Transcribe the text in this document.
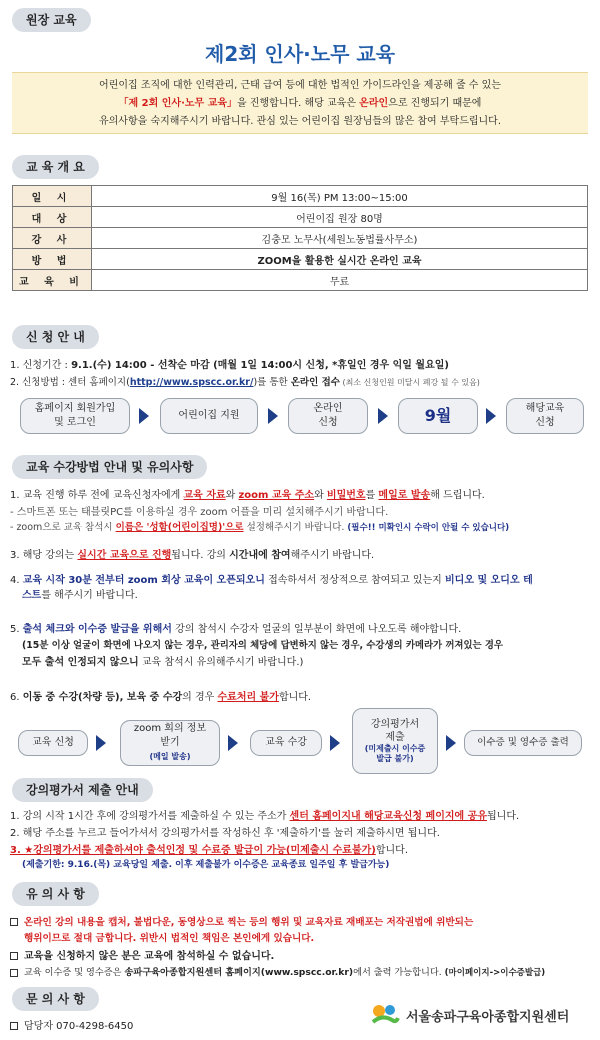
원장 교육
제2회 인사·노무 교육
어린이집 조직에 대한 인력관리, 근태 급여 등에 대한 법적인 가이드라인을 제공해 줄 수 있는
「제 2회 인사·노무 교육」을 진행합니다. 해당 교육은 온라인으로 진행되기 때문에
유의사항을 숙지해주시기 바랍니다. 관심 있는 어린이집 원장님들의 많은 참여 부탁드립니다.
교 육 개 요
일 시	9월 16(목) PM 13:00~15:00
대 상	어린이집 원장 80명
강 사	김충모 노무사(세원노동법률사무소)
방 법	ZOOM을 활용한 실시간 온라인 교육
교 육 비	무료
신 청 안 내
1. 신청기간 : 9.1.(수) 14:00 - 선착순 마감 (매월 1일 14:00시 신청, *휴일인 경우 익일 월요일)
2. 신청방법 : 센터 홈페이지(http://www.spscc.or.kr/)를 통한 온라인 접수 (최소 신청인원 미달시 폐강 될 수 있음)
홈페이지 회원가입
및 로그인
어린이집 지원
온라인
신청	9월	해당교육
신청
교육 수강방법 안내 및 유의사항
1. 교육 진행 하루 전에 교육신청자에게 교육 자료와 zoom 교육 주소와 비밀번호를 메일로 발송해 드립니다.
- 스마트폰 또는 태블릿PC를 이용하실 경우 zoom 어플을 미리 설치해주시기 바랍니다.
- zoom으로 교육 참석시 이름은 '성함(어린이집명)'으로 설정해주시기 바랍니다. (필수!! 미확인시 수락이 안될 수 있습니다)
3. 해당 강의는 실시간 교육으로 진행됩니다. 강의 시간내에 참여해주시기 바랍니다.
4. 교육 시작 30분 전부터 zoom 회상 교육이 오픈되오니 접속하셔서 정상적으로 참여되고 있는지 비디오 및 오디오 테
스트를 해주시기 바랍니다.
5. 출석 체크와 이수증 발급을 위해서 강의 참석시 수강자 얼굴의 일부분이 화면에 나오도록 해야합니다.
(15분 이상 얼굴이 화면에 나오지 않는 경우, 관리자의 체당에 답변하지 않는 경우, 수강생의 카메라가 꺼져있는 경우
모두 출석 인정되지 않으니 교육 참석시 유의해주시기 바랍니다.)
6. 이동 중 수강(차량 등), 보육 중 수강의 경우 수료처리 불가합니다.
교육 신청
zoom 회의 정보
받기
(메일 발송)
교육 수강
강의평가서
제출
(미제출시 이수증
발급 불가)
이수증 및 영수증 출력
강의평가서 제출 안내
1. 강의 시작 1시간 후에 강의평가서를 제출하실 수 있는 주소가 센터 홈페이지내 해당교육신청 페이지에 공유됩니다.
2. 해당 주소를 누르고 들어가셔서 강의평가서를 작성하신 후 '제출하기'를 눌러 제출하시면 됩니다.
3. ★강의평가서를 제출하셔야 출석인정 및 수료증 발급이 가능(미제출시 수료불가)합니다.
(제출기한: 9.16.(목) 교육당일 제출. 이후 제출불가 이수증은 교육종료 일주일 후 발급가능)
유 의 사 항
온라인 강의 내용을 캡처, 불법다운, 동영상으로 찍는 등의 행위 및 교육자료 재배포는 저작권법에 위반되는
행위이므로 절대 금합니다. 위반시 법적인 책임은 본인에게 있습니다.
교육을 신청하지 않은 분은 교육에 참석하실 수 없습니다.
교육 이수증 및 영수증은 송파구육아종합지원센터 홈페이지(www.spscc.or.kr)에서 출력 가능합니다. (마이페이지->이수증발급)
문 의 사 항
담당자 070-4298-6450
서울송파구육아종합지원센터
